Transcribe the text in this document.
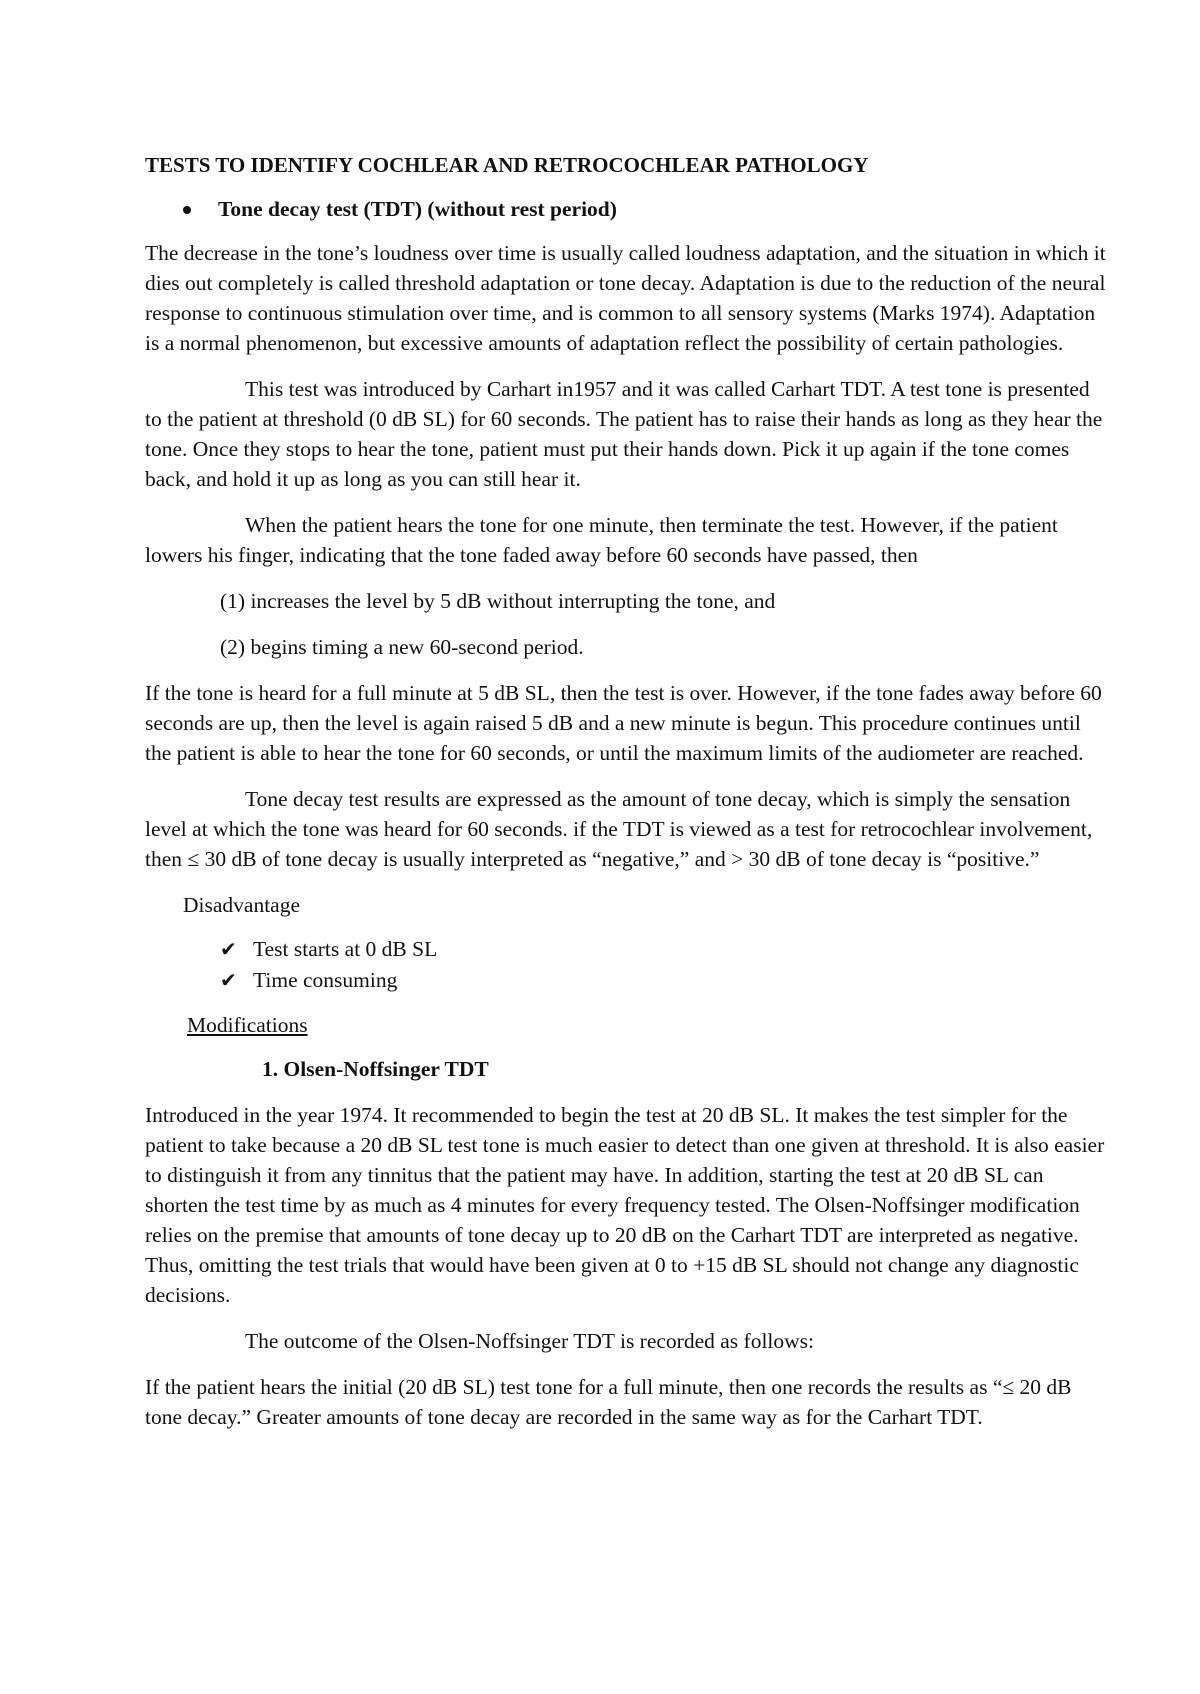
TESTS TO IDENTIFY COCHLEAR AND RETROCOCHLEAR PATHOLOGY

Tone decay test (TDT) (without rest period)

The decrease in the tone’s loudness over time is usually called loudness adaptation, and the situation in which it dies out completely is called threshold adaptation or tone decay. Adaptation is due to the reduction of the neural response to continuous stimulation over time, and is common to all sensory systems (Marks 1974). Adaptation is a normal phenomenon, but excessive amounts of adaptation reflect the possibility of certain pathologies.

This test was introduced by Carhart in1957 and it was called Carhart TDT. A test tone is presented to the patient at threshold (0 dB SL) for 60 seconds. The patient has to raise their hands as long as they hear the tone. Once they stops to hear the tone, patient must put their hands down. Pick it up again if the tone comes back, and hold it up as long as you can still hear it.

When the patient hears the tone for one minute, then terminate the test. However, if the patient lowers his finger, indicating that the tone faded away before 60 seconds have passed, then

(1) increases the level by 5 dB without interrupting the tone, and

(2) begins timing a new 60-second period.

If the tone is heard for a full minute at 5 dB SL, then the test is over. However, if the tone fades away before 60 seconds are up, then the level is again raised 5 dB and a new minute is begun. This procedure continues until the patient is able to hear the tone for 60 seconds, or until the maximum limits of the audiometer are reached.

Tone decay test results are expressed as the amount of tone decay, which is simply the sensation level at which the tone was heard for 60 seconds. if the TDT is viewed as a test for retrocochlear involvement, then ≤ 30 dB of tone decay is usually interpreted as “negative,” and > 30 dB of tone decay is “positive.”

Disadvantage

✔ Test starts at 0 dB SL
✔ Time consuming

Modifications

1. Olsen-Noffsinger TDT

Introduced in the year 1974. It recommended to begin the test at 20 dB SL. It makes the test simpler for the patient to take because a 20 dB SL test tone is much easier to detect than one given at threshold. It is also easier to distinguish it from any tinnitus that the patient may have. In addition, starting the test at 20 dB SL can shorten the test time by as much as 4 minutes for every frequency tested. The Olsen-Noffsinger modification relies on the premise that amounts of tone decay up to 20 dB on the Carhart TDT are interpreted as negative. Thus, omitting the test trials that would have been given at 0 to +15 dB SL should not change any diagnostic decisions.

The outcome of the Olsen-Noffsinger TDT is recorded as follows:

If the patient hears the initial (20 dB SL) test tone for a full minute, then one records the results as “≤ 20 dB tone decay.” Greater amounts of tone decay are recorded in the same way as for the Carhart TDT.
